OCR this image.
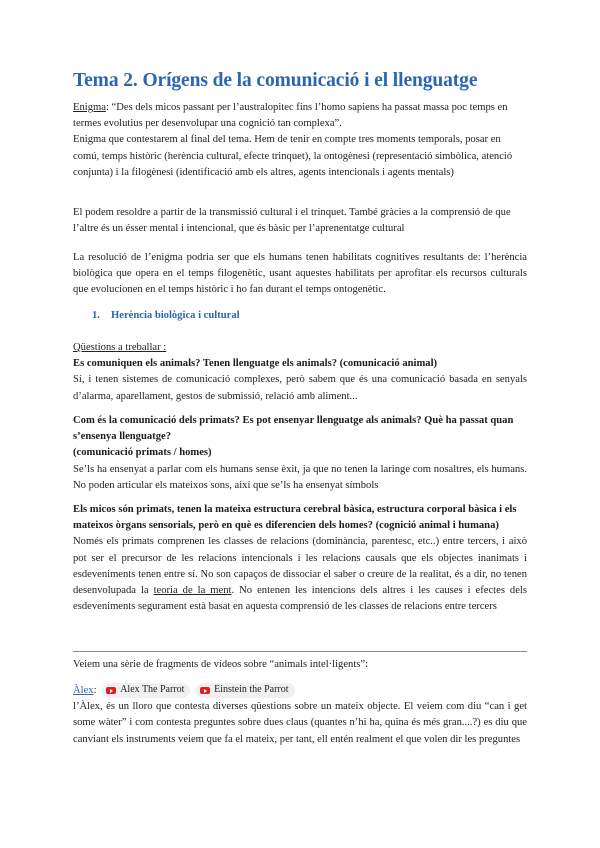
Tema 2. Orígens de la comunicació i el llenguatge
Enigma: “Des dels micos passant per l’australopitec fins l’homo sapiens ha passat massa poc temps en termes evolutius per desenvolupar una cognició tan complexa”.
Enigma que contestarem al final del tema. Hem de tenir en compte tres moments temporals, posar en comú, temps històric (herència cultural, efecte trinquet), la ontogènesi (representació simbòlica, atenció conjunta) i la filogènesi (identificació amb els altres, agents intencionals i agents mentals)
El podem resoldre a partir de la transmissió cultural i el trinquet. També gràcies a la comprensió de que l’altre és un ésser mental i intencional, que és bàsic per l’aprenentatge cultural
La resolució de l’enigma podria ser que els humans tenen habilitats cognitives resultants de: l’herència biològica que opera en el temps filogenètic, usant aquestes habilitats per aprofitar els recursos culturals que evolucionen en el temps històric i ho fan durant el temps ontogenètic.
1. Herència biològica i cultural
Qüestions a treballar :
Es comuniquen els animals? Tenen llenguatge els animals? (comunicació animal)
Sí, i tenen sistemes de comunicació complexes, però sabem que és una comunicació basada en senyals d’alarma, aparellament, gestos de submissió, relació amb aliment...
Com és la comunicació dels primats? Es pot ensenyar llenguatge als animals? Què ha passat quan s’ensenya llenguatge?
(comunicació primats / homes)
Se’ls ha ensenyat a parlar com els humans sense èxit, ja que no tenen la laringe com nosaltres, els humans. No poden articular els mateixos sons, així que se’ls ha ensenyat símbols
Els micos són primats, tenen la mateixa estructura cerebral bàsica, estructura corporal bàsica i els mateixos òrgans sensorials, però en què es diferencien dels homes? (cognició animal i humana)
Només els primats comprenen les classes de relacions (dominància, parentesc, etc..) entre tercers, i això pot ser el precursor de les relacions intencionals i les relacions causals que els objectes inanimats i esdeveniments tenen entre sí. No son capaços de dissociar el saber o creure de la realitat, és a dir, no tenen desenvolupada la teoria de la ment. No entenen les intencions dels altres i les causes i efectes dels esdeveniments segurament està basat en aquesta comprensió de les classes de relacions entre tercers
Veiem una sèrie de fragments de vídeos sobre “animals intel·ligents”:
Àlex: Alex The Parrot
	Einstein the Parrot
l’Àlex, és un lloro que contesta diverses qüestions sobre un mateix objecte. El veiem com diu “can i get some wàter” i com contesta preguntes sobre dues claus (quantes n’hi ha, quina és més gran....?) es diu que canviant els instruments veiem que fa el mateix, per tant, ell entén realment el que volen dir les preguntes
